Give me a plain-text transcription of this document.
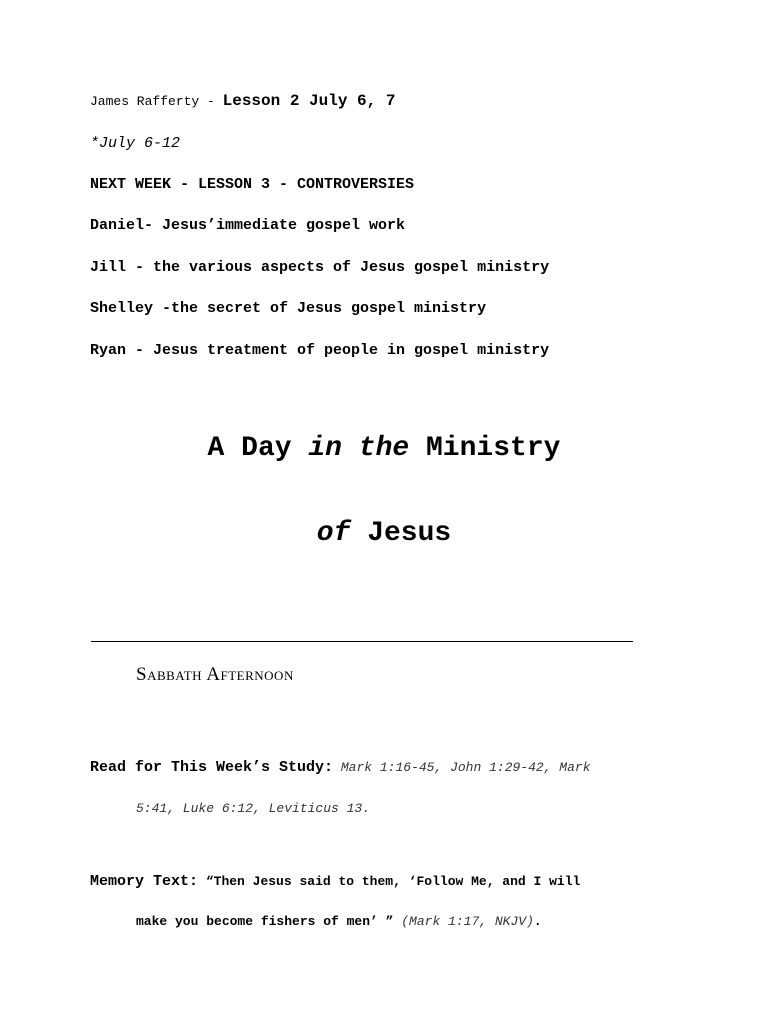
James Rafferty - Lesson 2 July 6, 7
*July 6-12
NEXT WEEK - LESSON 3 - CONTROVERSIES
Daniel- Jesus’immediate gospel work
Jill - the various aspects of Jesus gospel ministry
Shelley -the secret of Jesus gospel ministry
Ryan - Jesus treatment of people in gospel ministry
A Day in the Ministry
of Jesus
Sabbath Afternoon
Read for This Week’s Study: Mark 1:16-45, John 1:29-42, Mark
5:41, Luke 6:12, Leviticus 13.
Memory Text: “Then Jesus said to them, ‘Follow Me, and I will
make you become fishers of men’ ” (Mark 1:17, NKJV).
